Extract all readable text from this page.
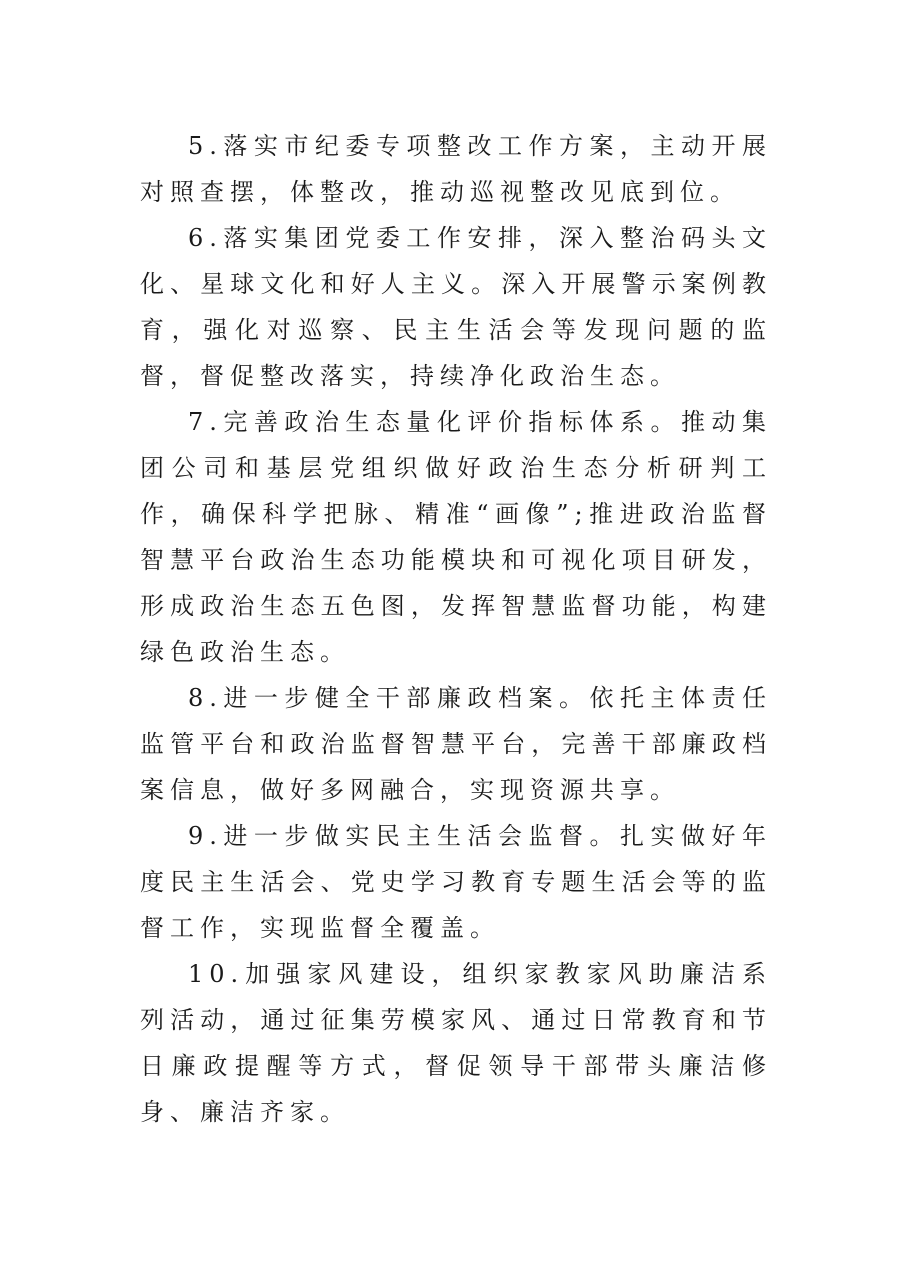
5.落实市纪委专项整改工作方案，主动开展对照查摆，体整改，推动巡视整改见底到位。

6.落实集团党委工作安排，深入整治码头文化、星球文化和好人主义。深入开展警示案例教育，强化对巡察、民主生活会等发现问题的监督，督促整改落实，持续净化政治生态。

7.完善政治生态量化评价指标体系。推动集团公司和基层党组织做好政治生态分析研判工作，确保科学把脉、精准“画像”;推进政治监督智慧平台政治生态功能模块和可视化项目研发，形成政治生态五色图，发挥智慧监督功能，构建绿色政治生态。

8.进一步健全干部廉政档案。依托主体责任监管平台和政治监督智慧平台，完善干部廉政档案信息，做好多网融合，实现资源共享。

9.进一步做实民主生活会监督。扎实做好年度民主生活会、党史学习教育专题生活会等的监督工作，实现监督全覆盖。

10.加强家风建设，组织家教家风助廉洁系列活动，通过征集劳模家风、通过日常教育和节日廉政提醒等方式，督促领导干部带头廉洁修身、廉洁齐家。
